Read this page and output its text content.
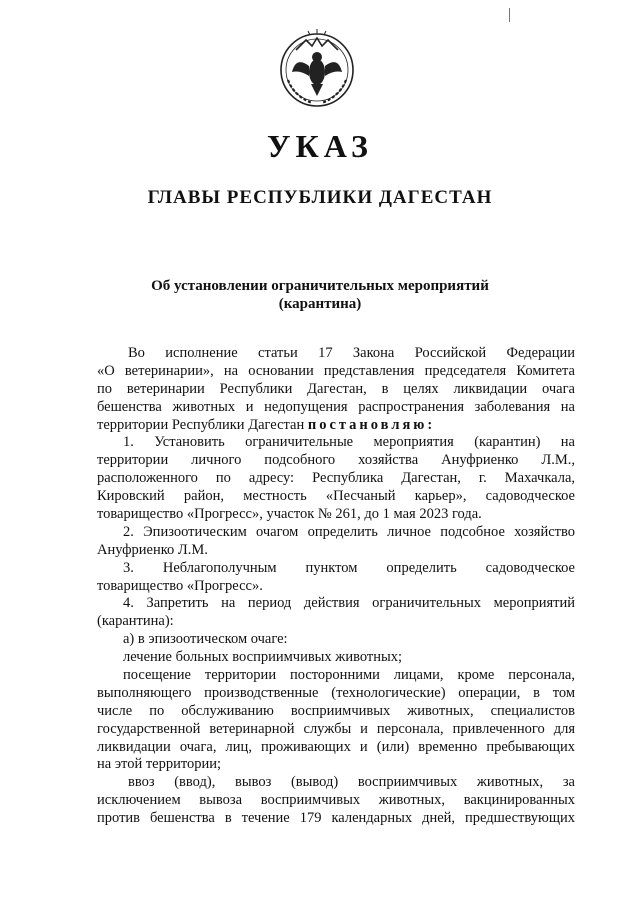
УКАЗ
ГЛАВЫ РЕСПУБЛИКИ ДАГЕСТАН
Об установлении ограничительных мероприятий
(карантина)
Во исполнение статьи 17 Закона Российской Федерации
«О ветеринарии», на основании представления председателя Комитета
по ветеринарии Республики Дагестан, в целях ликвидации очага
бешенства животных и недопущения распространения заболевания на
территории Республики Дагестан постановляю:
1. Установить ограничительные мероприятия (карантин) на
территории личного подсобного хозяйства Ануфриенко Л.М.,
расположенного по адресу: Республика Дагестан, г. Махачкала,
Кировский район, местность «Песчаный карьер», садоводческое
товарищество «Прогресс», участок № 261, до 1 мая 2023 года.
2. Эпизоотическим очагом определить личное подсобное хозяйство
Ануфриенко Л.М.
3. Неблагополучным пунктом определить садоводческое
товарищество «Прогресс».
4. Запретить на период действия ограничительных мероприятий
(карантина):
а) в эпизоотическом очаге:
лечение больных восприимчивых животных;
посещение территории посторонними лицами, кроме персонала,
выполняющего производственные (технологические) операции, в том
числе по обслуживанию восприимчивых животных, специалистов
государственной ветеринарной службы и персонала, привлеченного для
ликвидации очага, лиц, проживающих и (или) временно пребывающих
на этой территории;
ввоз (ввод), вывоз (вывод) восприимчивых животных, за
исключением вывоза восприимчивых животных, вакцинированных
против бешенства в течение 179 календарных дней, предшествующих
